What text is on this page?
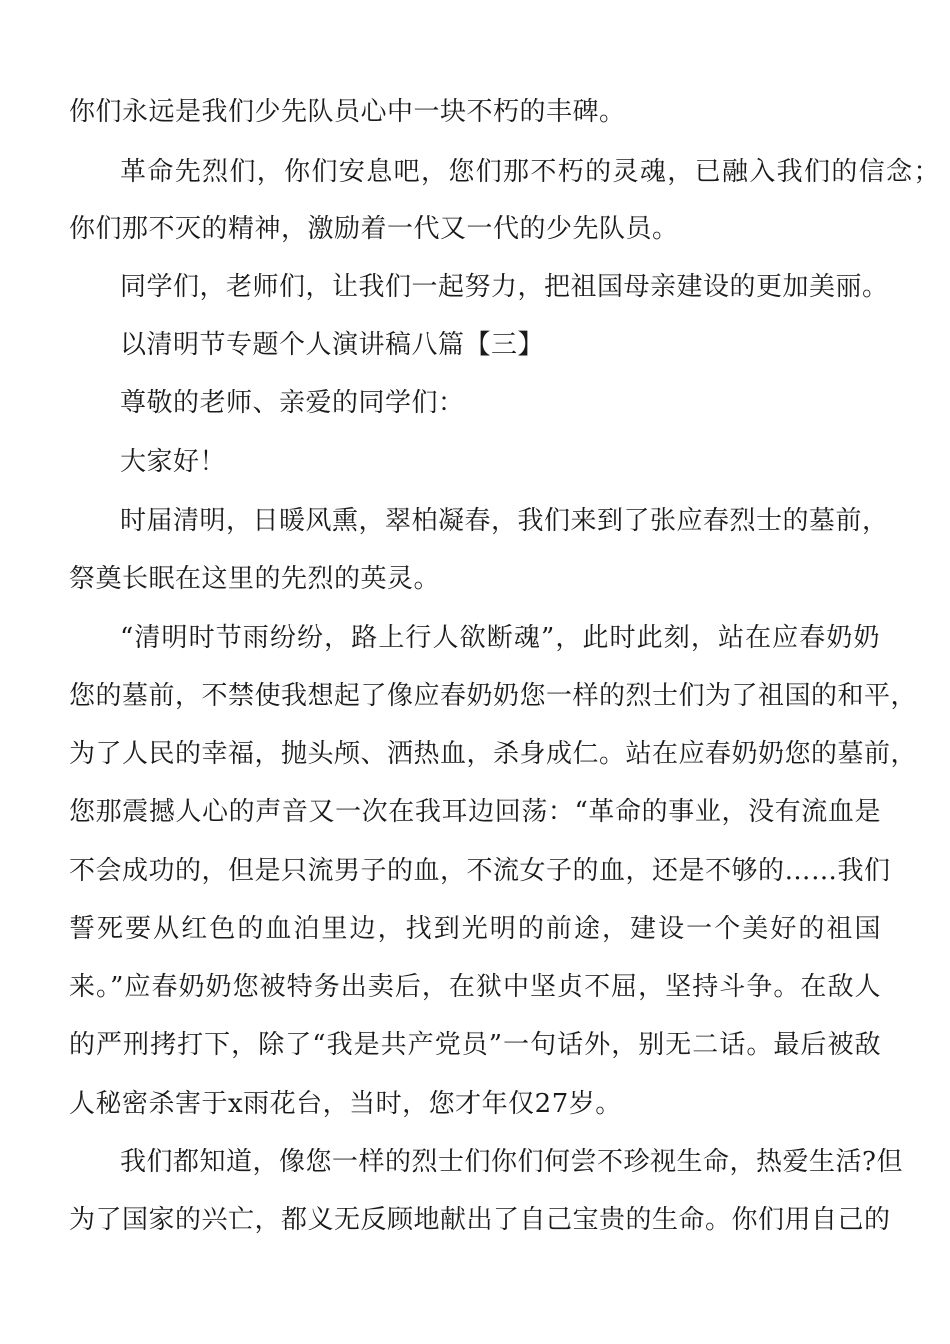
你们永远是我们少先队员心中一块不朽的丰碑。
革命先烈们，你们安息吧，您们那不朽的灵魂，已融入我们的信念；
你们那不灭的精神，激励着一代又一代的少先队员。
同学们，老师们，让我们一起努力，把祖国母亲建设的更加美丽。
以清明节专题个人演讲稿八篇【三】
尊敬的老师、亲爱的同学们：
大家好！
时届清明，日暖风熏，翠柏凝春，我们来到了张应春烈士的墓前，
祭奠长眠在这里的先烈的英灵。
“清明时节雨纷纷，路上行人欲断魂”，此时此刻，站在应春奶奶
您的墓前，不禁使我想起了像应春奶奶您一样的烈士们为了祖国的和平，
为了人民的幸福，抛头颅、洒热血，杀身成仁。站在应春奶奶您的墓前，
您那震撼人心的声音又一次在我耳边回荡：“革命的事业，没有流血是
不会成功的，但是只流男子的血，不流女子的血，还是不够的……我们
誓死要从红色的血泊里边，找到光明的前途，建设一个美好的祖国
来。”应春奶奶您被特务出卖后，在狱中坚贞不屈，坚持斗争。在敌人
的严刑拷打下，除了“我是共产党员”一句话外，别无二话。最后被敌
人秘密杀害于x雨花台，当时，您才年仅27岁。
我们都知道，像您一样的烈士们你们何尝不珍视生命，热爱生活?但
为了国家的兴亡，都义无反顾地献出了自己宝贵的生命。你们用自己的
